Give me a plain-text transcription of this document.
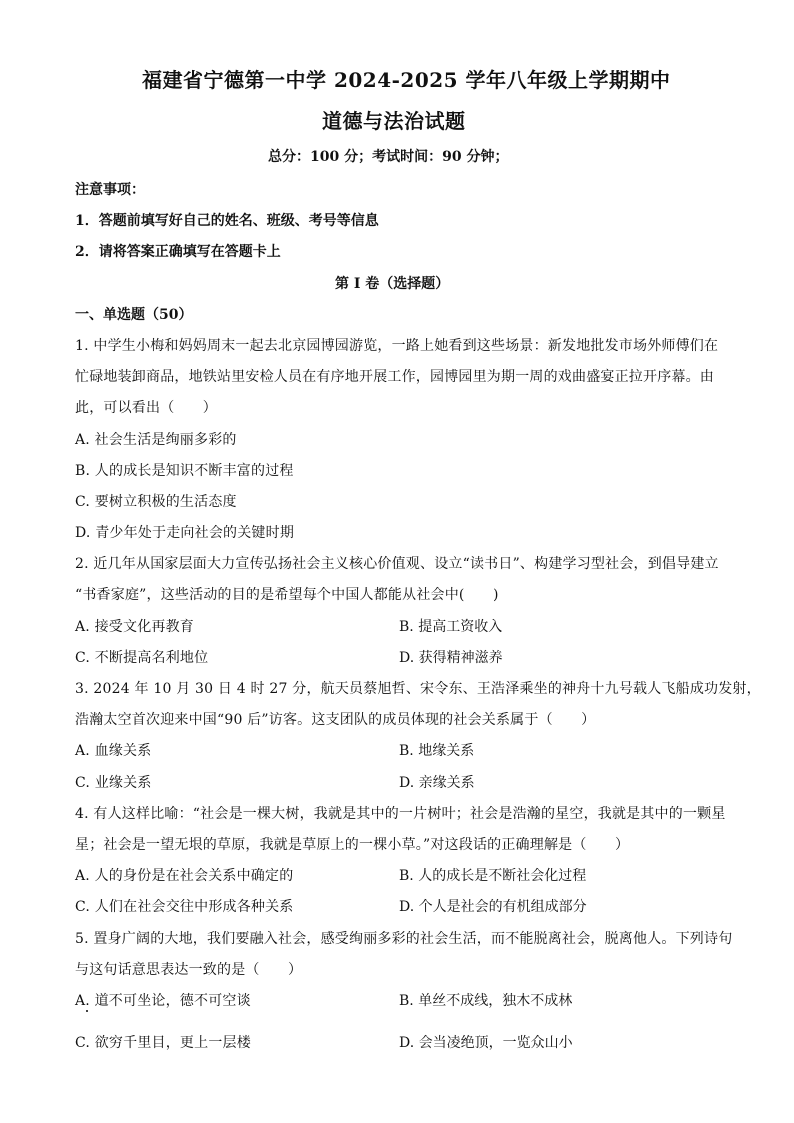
福建省宁德第一中学 2024-2025 学年八年级上学期期中
道德与法治试题
总分：100 分；考试时间：90 分钟；
注意事项：
1．答题前填写好自己的姓名、班级、考号等信息
2．请将答案正确填写在答题卡上
第 I 卷（选择题）
一、单选题（50）
1. 中学生小梅和妈妈周末一起去北京园博园游览，一路上她看到这些场景：新发地批发市场外师傅们在
忙碌地装卸商品，地铁站里安检人员在有序地开展工作，园博园里为期一周的戏曲盛宴正拉开序幕。由
此，可以看出（　　）
A. 社会生活是绚丽多彩的
B. 人的成长是知识不断丰富的过程
C. 要树立积极的生活态度
D. 青少年处于走向社会的关键时期
2. 近几年从国家层面大力宣传弘扬社会主义核心价值观、设立“读书日”、构建学习型社会，到倡导建立
“书香家庭”，这些活动的目的是希望每个中国人都能从社会中(　　)
A. 接受文化再教育	B. 提高工资收入
C. 不断提高名利地位	D. 获得精神滋养
3. 2024 年 10 月 30 日 4 时 27 分，航天员蔡旭哲、宋令东、王浩泽乘坐的神舟十九号载人飞船成功发射，
浩瀚太空首次迎来中国“90 后”访客。这支团队的成员体现的社会关系属于（　　）
A. 血缘关系	B. 地缘关系
C. 业缘关系	D. 亲缘关系
4. 有人这样比喻：“社会是一棵大树，我就是其中的一片树叶；社会是浩瀚的星空，我就是其中的一颗星
星；社会是一望无垠的草原，我就是草原上的一棵小草。”对这段话的正确理解是（　　）
A. 人的身份是在社会关系中确定的	B. 人的成长是不断社会化过程
C. 人们在社会交往中形成各种关系	D. 个人是社会的有机组成部分
5. 置身广阔的大地，我们要融入社会，感受绚丽多彩的社会生活，而不能脱离社会，脱离他人。下列诗句
与这句话意思表达一致的是（　　）
A. 道不可坐论，德不可空谈	B. 单丝不成线，独木不成林
C. 欲穷千里目，更上一层楼	D. 会当凌绝顶，一览众山小
